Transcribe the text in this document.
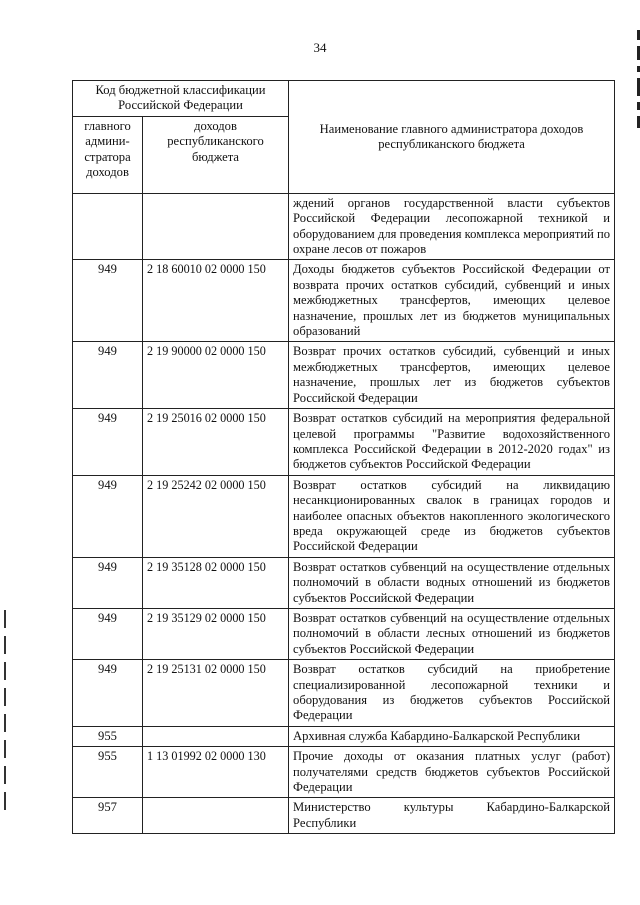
34
Код бюджетной классификации Российской Федерации		Наименование главного администратора доходов республиканского бюджета
главного админи-стратора доходов	доходов республиканского бюджета	
		ждений органов государственной власти субъектов Российской Федерации лесопожарной техникой и оборудованием для проведения комплекса мероприятий по охране лесов от пожаров
949	2 18 60010 02 0000 150	Доходы бюджетов субъектов Российской Федерации от возврата прочих остатков субсидий, субвенций и иных межбюджетных трансфертов, имеющих целевое назначение, прошлых лет из бюджетов муниципальных образований
949	2 19 90000 02 0000 150	Возврат прочих остатков субсидий, субвенций и иных межбюджетных трансфертов, имеющих целевое назначение, прошлых лет из бюджетов субъектов Российской Федерации
949	2 19 25016 02 0000 150	Возврат остатков субсидий на мероприятия федеральной целевой программы "Развитие водохозяйственного комплекса Российской Федерации в 2012-2020 годах" из бюджетов субъектов Российской Федерации
949	2 19 25242 02 0000 150	Возврат остатков субсидий на ликвидацию несанкционированных свалок в границах городов и наиболее опасных объектов накопленного экологического вреда окружающей среде из бюджетов субъектов Российской Федерации
949	2 19 35128 02 0000 150	Возврат остатков субвенций на осуществление отдельных полномочий в области водных отношений из бюджетов субъектов Российской Федерации
949	2 19 35129 02 0000 150	Возврат остатков субвенций на осуществление отдельных полномочий в области лесных отношений из бюджетов субъектов Российской Федерации
949	2 19 25131 02 0000 150	Возврат остатков субсидий на приобретение специализированной лесопожарной техники и оборудования из бюджетов субъектов Российской Федерации
955		Архивная служба Кабардино-Балкарской Республики
955	1 13 01992 02 0000 130	Прочие доходы от оказания платных услуг (работ) получателями средств бюджетов субъектов Российской Федерации
957		Министерство культуры Кабардино-Балкарской Республики
